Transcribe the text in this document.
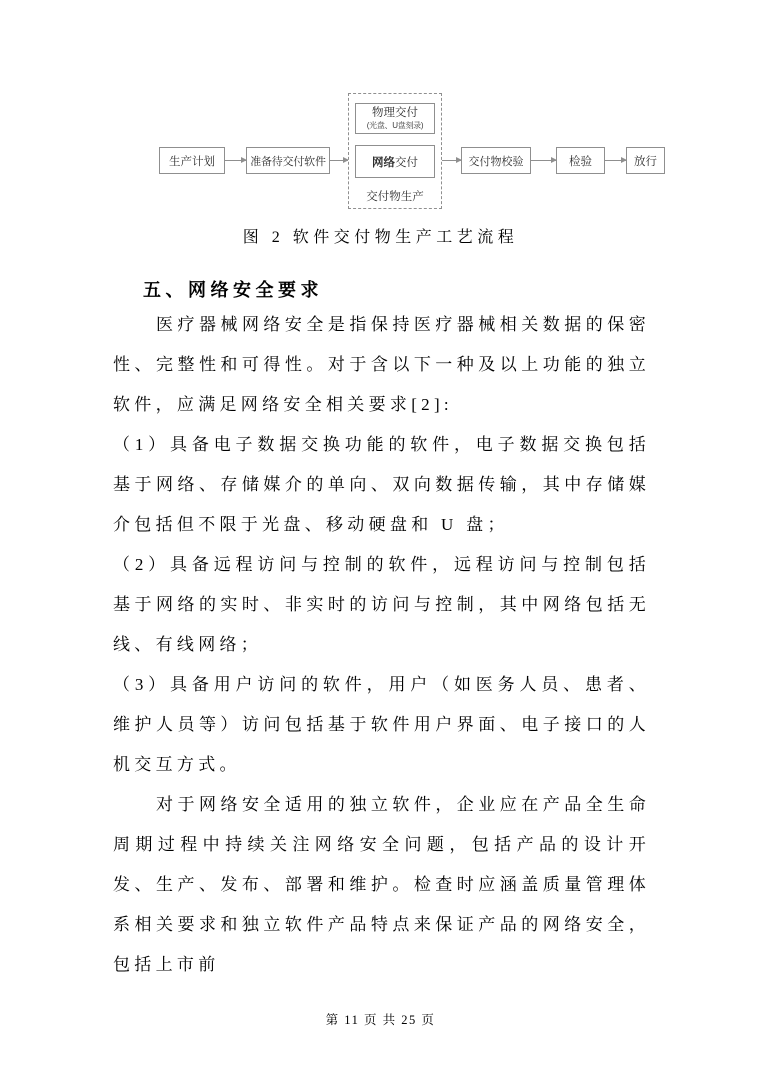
生产计划	准备待交付软件
物理交付
(光盘、U盘刻录)
网络 交付
交付物生产
交付物校验	检验	放行
图 2 软件交付物生产工艺流程
五、网络安全要求

医疗器械网络安全是指保持医疗器械相关数据的保密性、完整性和可得性。对于含以下一种及以上功能的独立软件，应满足网络安全相关要求[2]:

（1）具备电子数据交换功能的软件，电子数据交换包括基于网络、存储媒介的单向、双向数据传输，其中存储媒介包括但不限于光盘、移动硬盘和 U 盘；

（2）具备远程访问与控制的软件，远程访问与控制包括基于网络的实时、非实时的访问与控制，其中网络包括无线、有线网络；

（3）具备用户访问的软件，用户（如医务人员、患者、维护人员等）访问包括基于软件用户界面、电子接口的人机交互方式。

对于网络安全适用的独立软件，企业应在产品全生命周期过程中持续关注网络安全问题，包括产品的设计开发、生产、发布、部署和维护。检查时应涵盖质量管理体系相关要求和独立软件产品特点来保证产品的网络安全，包括上市前

第 11 页 共 25 页
